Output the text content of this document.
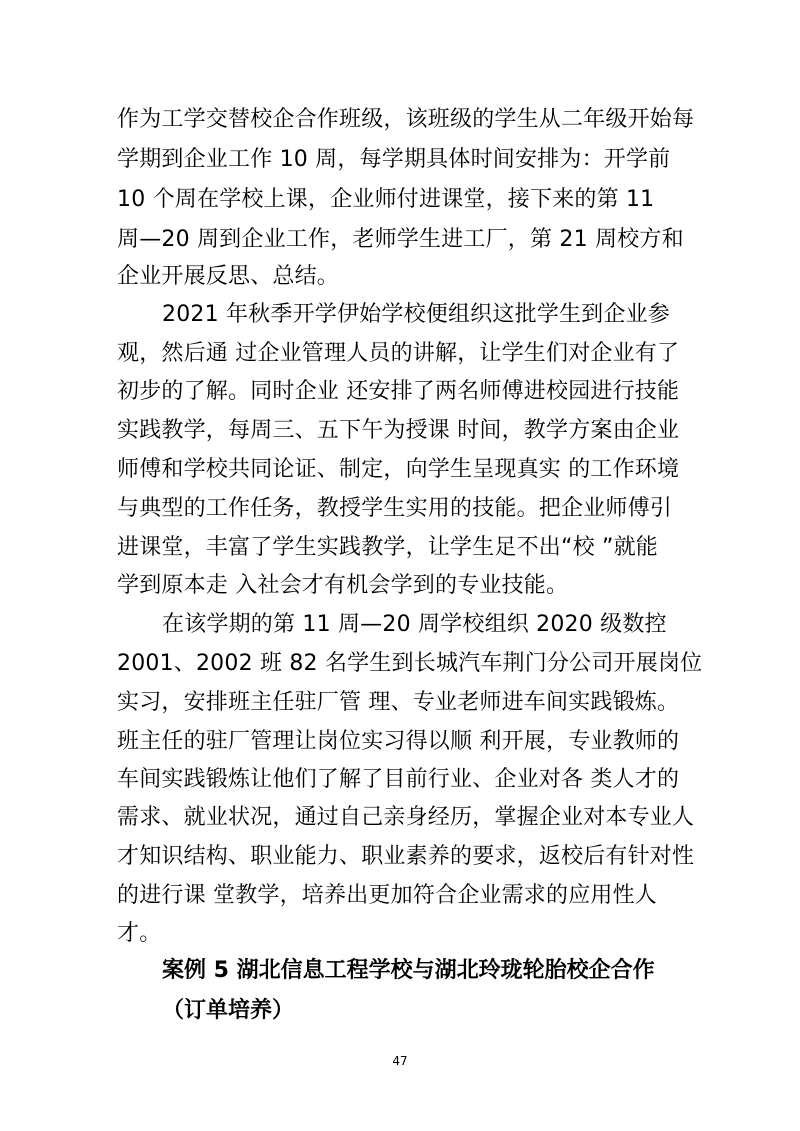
作为工学交替校企合作班级，该班级的学生从二年级开始每
学期到企业工作 10 周，每学期具体时间安排为：开学前
10 个周在学校上课，企业师付进课堂，接下来的第 11
周—20 周到企业工作，老师学生进工厂，第 21 周校方和
企业开展反思、总结。
2021 年秋季开学伊始学校便组织这批学生到企业参
观，然后通 过企业管理人员的讲解，让学生们对企业有了
初步的了解。同时企业 还安排了两名师傅进校园进行技能
实践教学，每周三、五下午为授课 时间，教学方案由企业
师傅和学校共同论证、制定，向学生呈现真实 的工作环境
与典型的工作任务，教授学生实用的技能。把企业师傅引
进课堂，丰富了学生实践教学，让学生足不出“校 ”就能
学到原本走 入社会才有机会学到的专业技能。
在该学期的第 11 周—20 周学校组织 2020 级数控
2001、2002 班 82 名学生到长城汽车荆门分公司开展岗位
实习，安排班主任驻厂管 理、专业老师进车间实践锻炼。
班主任的驻厂管理让岗位实习得以顺 利开展，专业教师的
车间实践锻炼让他们了解了目前行业、企业对各 类人才的
需求、就业状况，通过自己亲身经历，掌握企业对本专业人
才知识结构、职业能力、职业素养的要求，返校后有针对性
的进行课 堂教学，培养出更加符合企业需求的应用性人
才。
案例 5 湖北信息工程学校与湖北玲珑轮胎校企合作
（订单培养）
47
